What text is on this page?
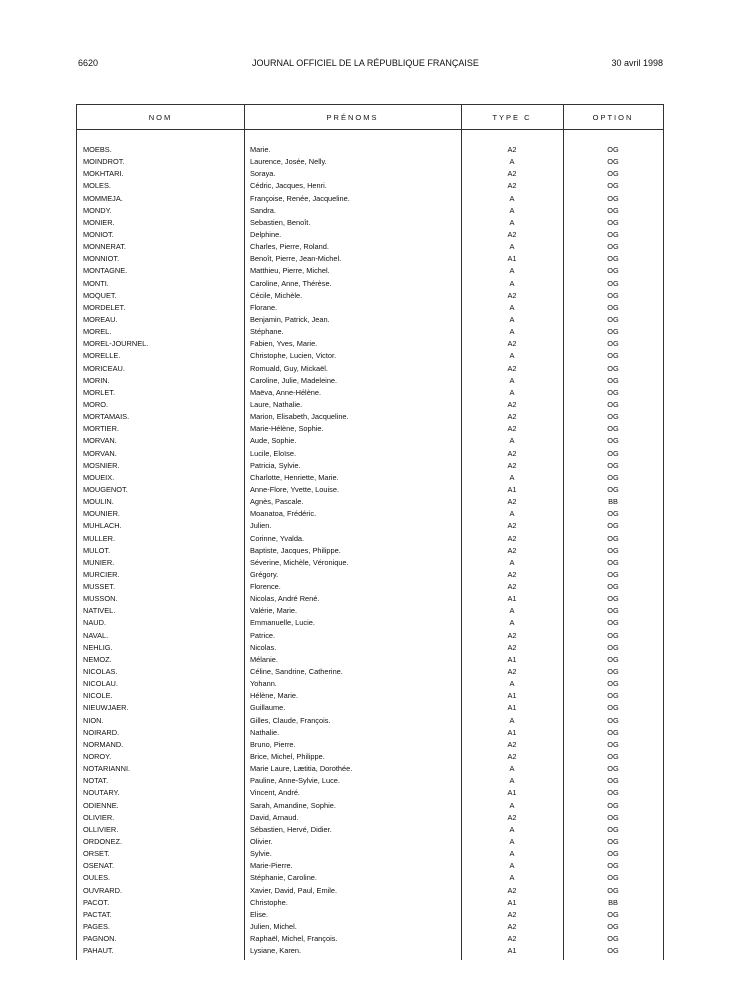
6620	JOURNAL OFFICIEL DE LA RÉPUBLIQUE FRANÇAISE	30 avril 1998
NOM	PRÉNOMS	TYPE C	OPTION
MOEBS.	Marie.	A2	OG
MOINDROT.	Laurence, Josée, Nelly.	A	OG
MOKHTARI.	Soraya.	A2	OG
MOLES.	Cédric, Jacques, Henri.	A2	OG
MOMMEJA.	Françoise, Renée, Jacqueline.	A	OG
MONDY.	Sandra.	A	OG
MONIER.	Sebastien, Benoît.	A	OG
MONIOT.	Delphine.	A2	OG
MONNERAT.	Charles, Pierre, Roland.	A	OG
MONNIOT.	Benoît, Pierre, Jean-Michel.	A1	OG
MONTAGNE.	Matthieu, Pierre, Michel.	A	OG
MONTI.	Caroline, Anne, Thérèse.	A	OG
MOQUET.	Cécile, Michèle.	A2	OG
MORDELET.	Florane.	A	OG
MOREAU.	Benjamin, Patrick, Jean.	A	OG
MOREL.	Stéphane.	A	OG
MOREL-JOURNEL.	Fabien, Yves, Marie.	A2	OG
MORELLE.	Christophe, Lucien, Victor.	A	OG
MORICEAU.	Romuald, Guy, Mickaël.	A2	OG
MORIN.	Caroline, Julie, Madeleine.	A	OG
MORLET.	Maëva, Anne-Hélène.	A	OG
MORO.	Laure, Nathalie.	A2	OG
MORTAMAIS.	Marion, Elisabeth, Jacqueline.	A2	OG
MORTIER.	Marie-Hélène, Sophie.	A2	OG
MORVAN.	Aude, Sophie.	A	OG
MORVAN.	Lucile, Eloïse.	A2	OG
MOSNIER.	Patricia, Sylvie.	A2	OG
MOUEIX.	Charlotte, Henriette, Marie.	A	OG
MOUGENOT.	Anne-Flore, Yvette, Louise.	A1	OG
MOULIN.	Agnès, Pascale.	A2	BB
MOUNIER.	Moanatoa, Frédéric.	A	OG
MUHLACH.	Julien.	A2	OG
MULLER.	Corinne, Yvalda.	A2	OG
MULOT.	Baptiste, Jacques, Philippe.	A2	OG
MUNIER.	Séverine, Michèle, Véronique.	A	OG
MURCIER.	Grégory.	A2	OG
MUSSET.	Florence.	A2	OG
MUSSON.	Nicolas, André René.	A1	OG
NATIVEL.	Valérie, Marie.	A	OG
NAUD.	Emmanuelle, Lucie.	A	OG
NAVAL.	Patrice.	A2	OG
NEHLIG.	Nicolas.	A2	OG
NEMOZ.	Mélanie.	A1	OG
NICOLAS.	Céline, Sandrine, Catherine.	A2	OG
NICOLAU.	Yohann.	A	OG
NICOLE.	Hélène, Marie.	A1	OG
NIEUWJAER.	Guillaume.	A1	OG
NION.	Gilles, Claude, François.	A	OG
NOIRARD.	Nathalie.	A1	OG
NORMAND.	Bruno, Pierre.	A2	OG
NOROY.	Brice, Michel, Philippe.	A2	OG
NOTARIANNI.	Marie Laure, Lætitia, Dorothée.	A	OG
NOTAT.	Pauline, Anne-Sylvie, Luce.	A	OG
NOUTARY.	Vincent, André.	A1	OG
ODIENNE.	Sarah, Amandine, Sophie.	A	OG
OLIVIER.	David, Arnaud.	A2	OG
OLLIVIER.	Sébastien, Hervé, Didier.	A	OG
ORDONEZ.	Olivier.	A	OG
ORSET.	Sylvie.	A	OG
OSENAT.	Marie-Pierre.	A	OG
OULES.	Stéphanie, Caroline.	A	OG
OUVRARD.	Xavier, David, Paul, Emile.	A2	OG
PACOT.	Christophe.	A1	BB
PACTAT.	Elise.	A2	OG
PAGES.	Julien, Michel.	A2	OG
PAGNON.	Raphaël, Michel, François.	A2	OG
PAHAUT.	Lysiane, Karen.	A1	OG
